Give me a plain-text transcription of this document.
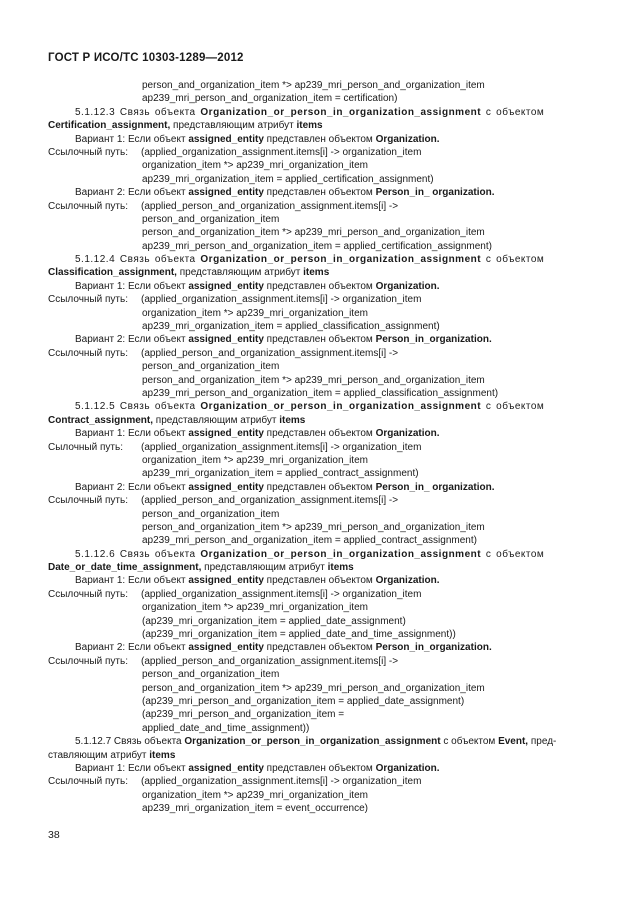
ГОСТ Р ИСО/ТС 10303-1289—2012
person_and_organization_item *> ap239_mri_person_and_organization_item
ap239_mri_person_and_organization_item = certification)
5.1.12.3 Связь объекта Organization_or_person_in_organization_assignment с объектом
Certification_assignment, представляющим атрибут items
Вариант 1: Если объект assigned_entity представлен объектом Organization.
Ссылочный путь: (applied_organization_assignment.items[i] -> organization_item
organization_item *> ap239_mri_organization_item
ap239_mri_organization_item = applied_certification_assignment)
Вариант 2: Если объект assigned_entity представлен объектом Person_in_ organization.
Ссылочный путь: (applied_person_and_organization_assignment.items[i] ->
person_and_organization_item
person_and_organization_item *> ap239_mri_person_and_organization_item
ap239_mri_person_and_organization_item = applied_certification_assignment)
5.1.12.4 Связь объекта Organization_or_person_in_organization_assignment с объектом
Classification_assignment, представляющим атрибут items
Вариант 1: Если объект assigned_entity представлен объектом Organization.
Ссылочный путь: (applied_organization_assignment.items[i] -> organization_item
organization_item *> ap239_mri_organization_item
ap239_mri_organization_item = applied_classification_assignment)
Вариант 2: Если объект assigned_entity представлен объектом Person_in_organization.
Ссылочный путь: (applied_person_and_organization_assignment.items[i] ->
person_and_organization_item
person_and_organization_item *> ap239_mri_person_and_organization_item
ap239_mri_person_and_organization_item = applied_classification_assignment)
5.1.12.5 Связь объекта Organization_or_person_in_organization_assignment с объектом
Contract_assignment, представляющим атрибут items
Вариант 1: Если объект assigned_entity представлен объектом Organization.
Сылочный путь: (applied_organization_assignment.items[i] -> organization_item
organization_item *> ap239_mri_organization_item
ap239_mri_organization_item = applied_contract_assignment)
Вариант 2: Если объект assigned_entity представлен объектом Person_in_ organization.
Ссылочный путь: (applied_person_and_organization_assignment.items[i] ->
person_and_organization_item
person_and_organization_item *> ap239_mri_person_and_organization_item
ap239_mri_person_and_organization_item = applied_contract_assignment)
5.1.12.6 Связь объекта Organization_or_person_in_organization_assignment с объектом
Date_or_date_time_assignment, представляющим атрибут items
Вариант 1: Если объект assigned_entity представлен объектом Organization.
Ссылочный путь: (applied_organization_assignment.items[i] -> organization_item
organization_item *> ap239_mri_organization_item
(ap239_mri_organization_item = applied_date_assignment)
(ap239_mri_organization_item = applied_date_and_time_assignment))
Вариант 2: Если объект assigned_entity представлен объектом Person_in_organization.
Ссылочный путь: (applied_person_and_organization_assignment.items[i] ->
person_and_organization_item
person_and_organization_item *> ap239_mri_person_and_organization_item
(ap239_mri_person_and_organization_item = applied_date_assignment)
(ap239_mri_person_and_organization_item =
applied_date_and_time_assignment))
5.1.12.7 Связь объекта Organization_or_person_in_organization_assignment с объектом Event, пред-
ставляющим атрибут items
Вариант 1: Если объект assigned_entity представлен объектом Organization.
Ссылочный путь: (applied_organization_assignment.items[i] -> organization_item
organization_item *> ap239_mri_organization_item
ap239_mri_organization_item = event_occurrence)
38
